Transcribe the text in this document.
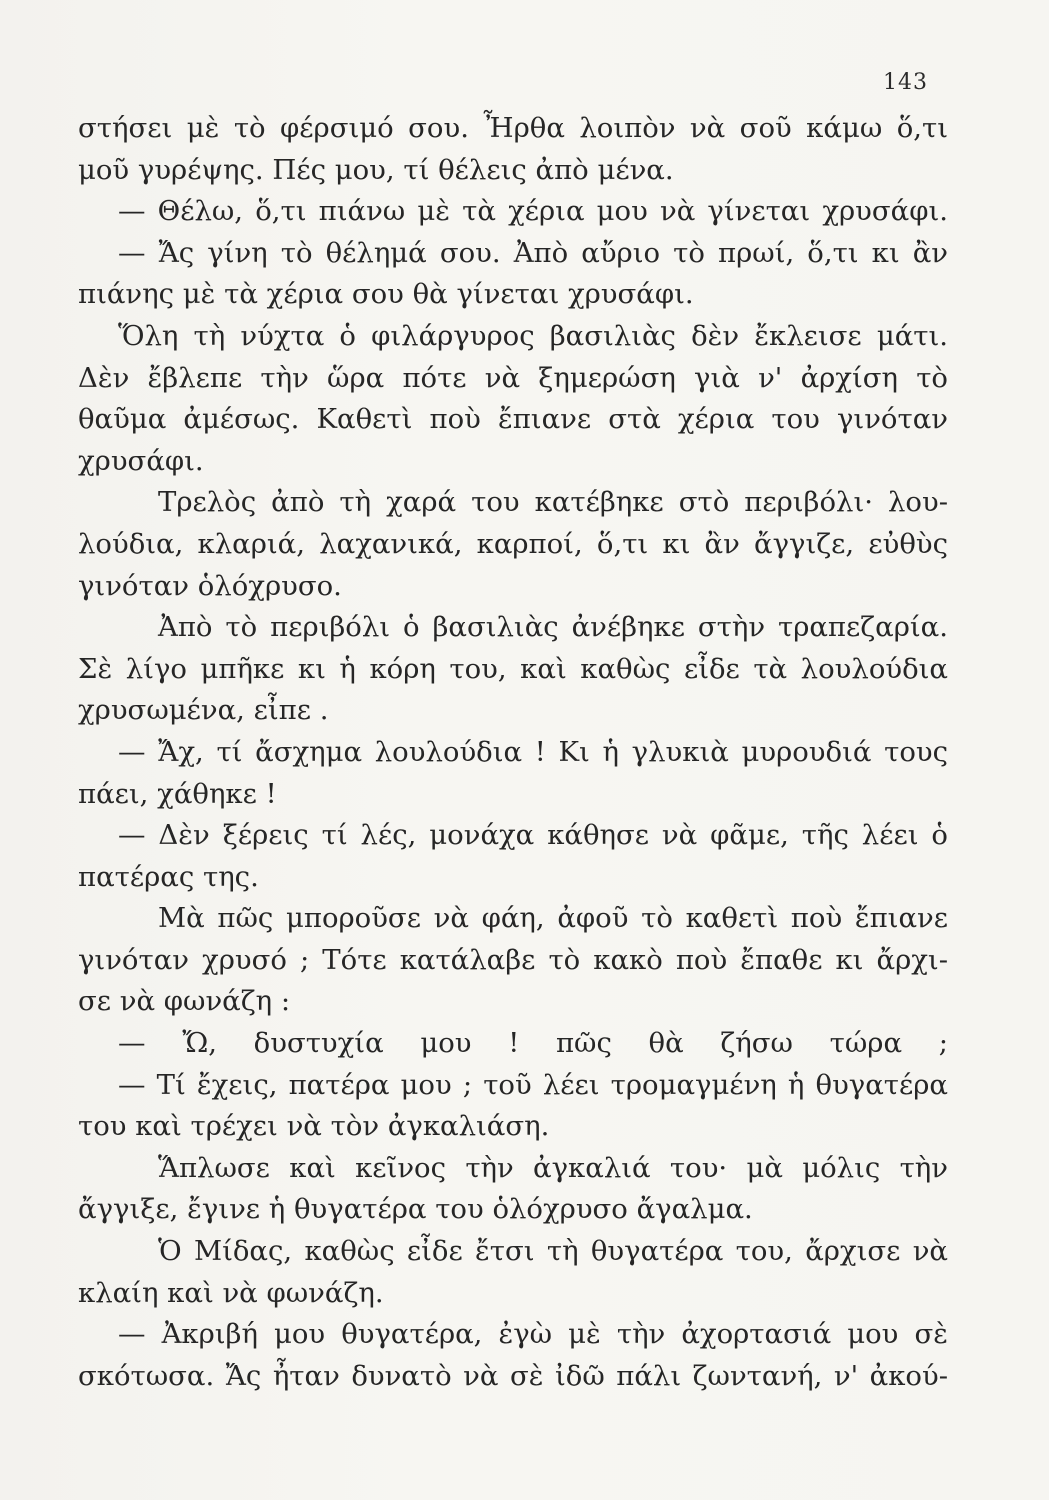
143
στήσει μὲ τὸ φέρσιμό σου. Ἦρθα λοιπὸν νὰ σοῦ κάμω ὅ,τι
μοῦ γυρέψης. Πές μου, τί θέλεις ἀπὸ μένα.
— Θέλω, ὅ,τι πιάνω μὲ τὰ χέρια μου νὰ γίνεται χρυσάφι.
— Ἄς γίνη τὸ θέλημά σου. Ἀπὸ αὔριο τὸ πρωί, ὅ,τι κι ἂν
πιάνης μὲ τὰ χέρια σου θὰ γίνεται χρυσάφι.
Ὅλη τὴ νύχτα ὁ φιλάργυρος βασιλιὰς δὲν ἔκλεισε μάτι.
Δὲν ἔβλεπε τὴν ὥρα πότε νὰ ξημερώση γιὰ ν' ἀρχίση τὸ
θαῦμα ἀμέσως. Καθετὶ ποὺ ἔπιανε στὰ χέρια του γινόταν
χρυσάφι.
Τρελὸς ἀπὸ τὴ χαρά του κατέβηκε στὸ περιβόλι· λου-
λούδια, κλαριά, λαχανικά, καρποί, ὅ,τι κι ἂν ἄγγιζε, εὐθὺς
γινόταν ὁλόχρυσο.
Ἀπὸ τὸ περιβόλι ὁ βασιλιὰς ἀνέβηκε στὴν τραπεζαρία.
Σὲ λίγο μπῆκε κι ἡ κόρη του, καὶ καθὼς εἶδε τὰ λουλούδια
χρυσωμένα, εἶπε .
— Ἄχ, τί ἄσχημα λουλούδια ! Κι ἡ γλυκιὰ μυρουδιά τους
πάει, χάθηκε !
— Δὲν ξέρεις τί λές, μονάχα κάθησε νὰ φᾶμε, τῆς λέει ὁ
πατέρας της.
Μὰ πῶς μποροῦσε νὰ φάη, ἀφοῦ τὸ καθετὶ ποὺ ἔπιανε
γινόταν χρυσό ; Τότε κατάλαβε τὸ κακὸ ποὺ ἔπαθε κι ἄρχι-
σε νὰ φωνάζη :
— Ὤ, δυστυχία μου ! πῶς θὰ ζήσω τώρα ;
— Τί ἔχεις, πατέρα μου ; τοῦ λέει τρομαγμένη ἡ θυγατέρα
του καὶ τρέχει νὰ τὸν ἀγκαλιάση.
Ἅπλωσε καὶ κεῖνος τὴν ἀγκαλιά του· μὰ μόλις τὴν
ἄγγιξε, ἔγινε ἡ θυγατέρα του ὁλόχρυσο ἄγαλμα.
Ὁ Μίδας, καθὼς εἶδε ἔτσι τὴ θυγατέρα του, ἄρχισε νὰ
κλαίη καὶ νὰ φωνάζη.
— Ἀκριβή μου θυγατέρα, ἐγὼ μὲ τὴν ἀχορτασιά μου σὲ
σκότωσα. Ἄς ἦταν δυνατὸ νὰ σὲ ἰδῶ πάλι ζωντανή, ν' ἀκού-
